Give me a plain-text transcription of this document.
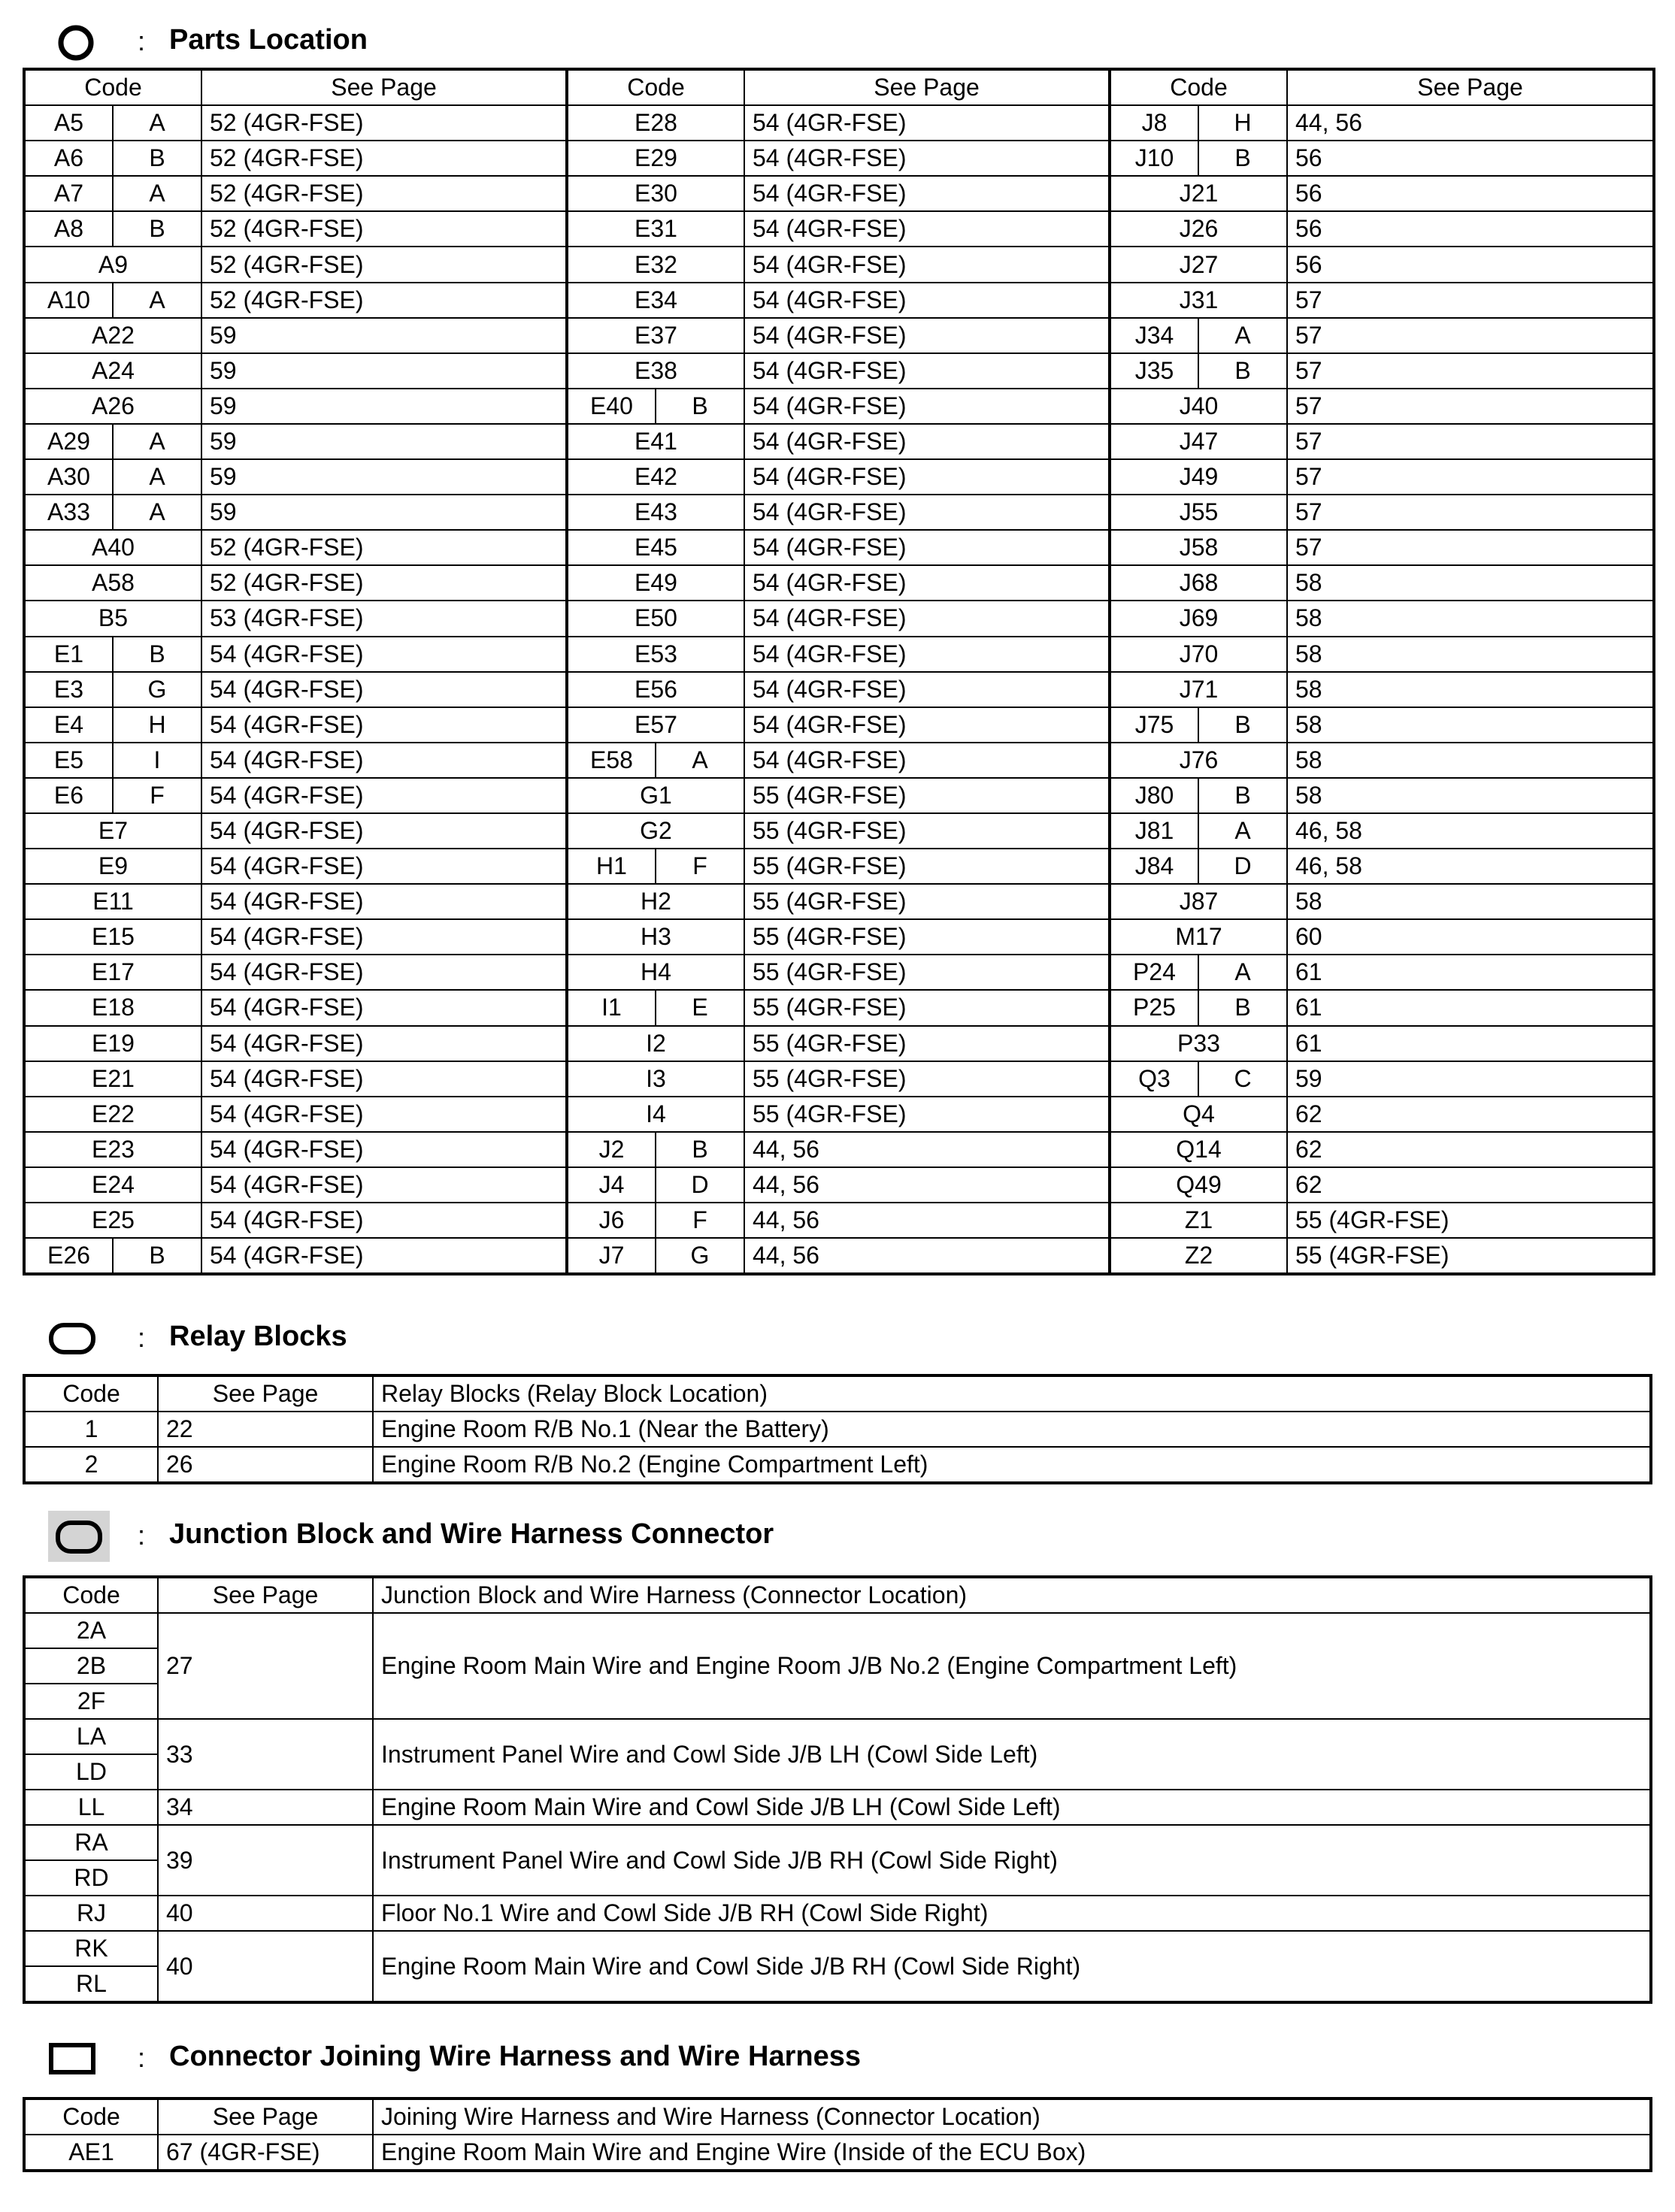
: Parts Location
Code		See Page	Code		See Page	Code		See Page
A5	A	52 (4GR-FSE)	E28		54 (4GR-FSE)	J8	H	44, 56
A6	B	52 (4GR-FSE)	E29		54 (4GR-FSE)	J10	B	56
A7	A	52 (4GR-FSE)	E30		54 (4GR-FSE)	J21		56
A8	B	52 (4GR-FSE)	E31		54 (4GR-FSE)	J26		56
A9		52 (4GR-FSE)	E32		54 (4GR-FSE)	J27		56
A10	A	52 (4GR-FSE)	E34		54 (4GR-FSE)	J31		57
A22		59	E37		54 (4GR-FSE)	J34	A	57
A24		59	E38		54 (4GR-FSE)	J35	B	57
A26		59	E40	B	54 (4GR-FSE)	J40		57
A29	A	59	E41		54 (4GR-FSE)	J47		57
A30	A	59	E42		54 (4GR-FSE)	J49		57
A33	A	59	E43		54 (4GR-FSE)	J55		57
A40		52 (4GR-FSE)	E45		54 (4GR-FSE)	J58		57
A58		52 (4GR-FSE)	E49		54 (4GR-FSE)	J68		58
B5		53 (4GR-FSE)	E50		54 (4GR-FSE)	J69		58
E1	B	54 (4GR-FSE)	E53		54 (4GR-FSE)	J70		58
E3	G	54 (4GR-FSE)	E56		54 (4GR-FSE)	J71		58
E4	H	54 (4GR-FSE)	E57		54 (4GR-FSE)	J75	B	58
E5	I	54 (4GR-FSE)	E58	A	54 (4GR-FSE)	J76		58
E6	F	54 (4GR-FSE)	G1		55 (4GR-FSE)	J80	B	58
E7		54 (4GR-FSE)	G2		55 (4GR-FSE)	J81	A	46, 58
E9		54 (4GR-FSE)	H1	F	55 (4GR-FSE)	J84	D	46, 58
E11		54 (4GR-FSE)	H2		55 (4GR-FSE)	J87		58
E15		54 (4GR-FSE)	H3		55 (4GR-FSE)	M17		60
E17		54 (4GR-FSE)	H4		55 (4GR-FSE)	P24	A	61
E18		54 (4GR-FSE)	I1	E	55 (4GR-FSE)	P25	B	61
E19		54 (4GR-FSE)	I2		55 (4GR-FSE)	P33		61
E21		54 (4GR-FSE)	I3		55 (4GR-FSE)	Q3	C	59
E22		54 (4GR-FSE)	I4		55 (4GR-FSE)	Q4		62
E23		54 (4GR-FSE)	J2	B	44, 56	Q14		62
E24		54 (4GR-FSE)	J4	D	44, 56	Q49		62
E25		54 (4GR-FSE)	J6	F	44, 56	Z1		55 (4GR-FSE)
E26	B	54 (4GR-FSE)	J7	G	44, 56	Z2		55 (4GR-FSE)
: Relay Blocks
Code	See Page	Relay Blocks (Relay Block Location)
1	22	Engine Room R/B No.1 (Near the Battery)
2	26	Engine Room R/B No.2 (Engine Compartment Left)
: Junction Block and Wire Harness Connector
Code	See Page	Junction Block and Wire Harness (Connector Location)
2A	27	Engine Room Main Wire and Engine Room J/B No.2 (Engine Compartment Left)
2B		
2F		
LA	33	Instrument Panel Wire and Cowl Side J/B LH (Cowl Side Left)
LD		
LL	34	Engine Room Main Wire and Cowl Side J/B LH (Cowl Side Left)
RA	39	Instrument Panel Wire and Cowl Side J/B RH (Cowl Side Right)
RD		
RJ	40	Floor No.1 Wire and Cowl Side J/B RH (Cowl Side Right)
RK	40	Engine Room Main Wire and Cowl Side J/B RH (Cowl Side Right)
RL		
: Connector Joining Wire Harness and Wire Harness
Code	See Page	Joining Wire Harness and Wire Harness (Connector Location)
AE1	67 (4GR-FSE)	Engine Room Main Wire and Engine Wire (Inside of the ECU Box)
